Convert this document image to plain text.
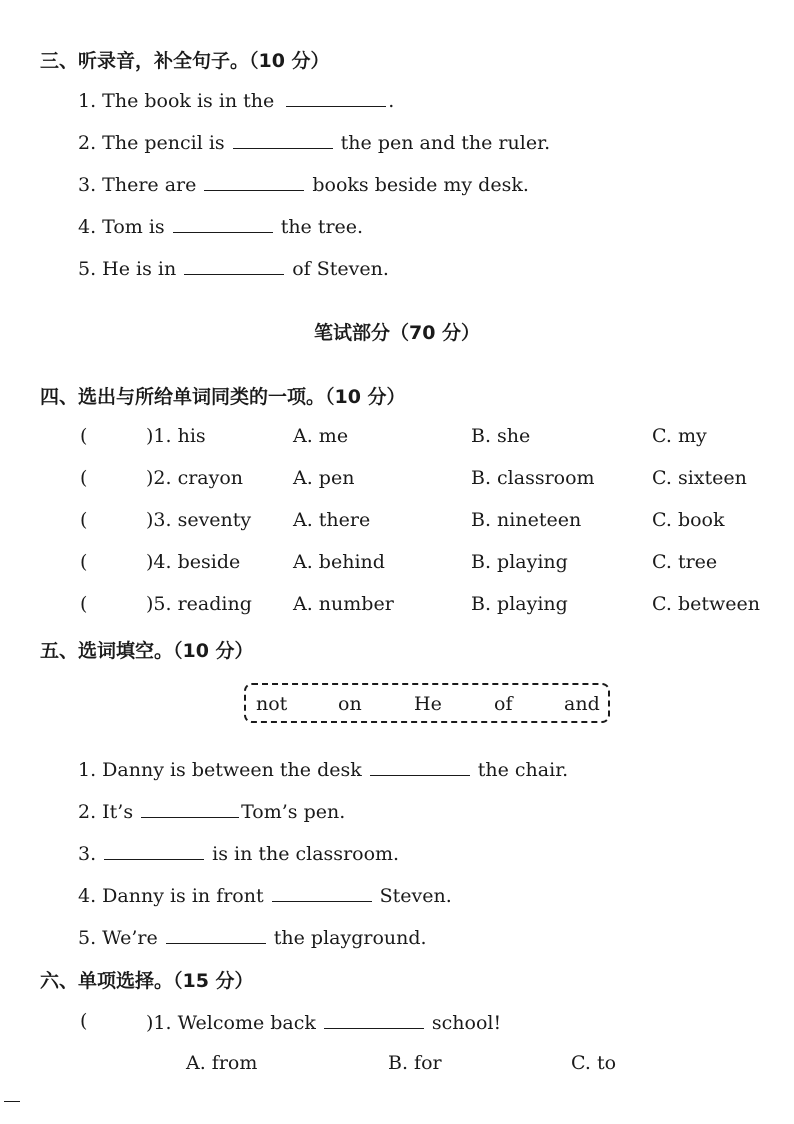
三、听录音，补全句子。（10 分）
1. The book is in the	.
2. The pencil is	the pen and the ruler.
3. There are	books beside my desk.
4. Tom is	the tree.
5. He is in	of Steven.
笔试部分（70 分）
四、选出与所给单词同类的一项。（10 分）
(	)1. his	A. me	B. she	C. my
(	)2. crayon	A. pen	B. classroom	C. sixteen
(	)3. seventy A. there	B. nineteen	C. book
(	)4. beside	A. behind	B. playing	C. tree
(	)5. reading A. number	B. playing	C. between
五、选词填空。（10 分）
not	on	He	of	and
1. Danny is between the desk	the chair.
2. It’s	Tom’s pen.
3.	is in the classroom.
4. Danny is in front	Steven.
5. We’re	the playground.
六、单项选择。（15 分）
(	)1. Welcome back	school!
A. from	B. for	C. to
